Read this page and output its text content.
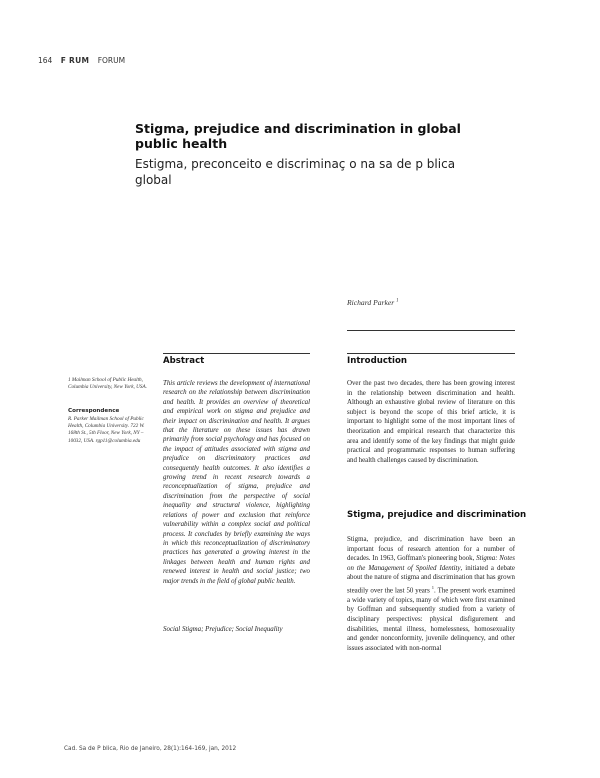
164 F RUM FORUM
Stigma, prejudice and discrimination in global public health
Estigma, preconceito e discriminaç o na sa de p blica global
Richard Parker $^1$
1 Mailman School of Public Health, Columbia University, New York, USA.
Correspondence
R. Parker Mailman School of Public Health, Columbia University. 722 W. 168th St., 5th Floor, New York, NY – 10032, USA. rgp11@columbia.edu
Abstract
This article reviews the development of international research on the relationship between discrimination and health. It provides an overview of theoretical and empirical work on stigma and prejudice and their impact on discrimination and health. It argues that the literature on these issues has drawn primarily from social psychology and has focused on the impact of attitudes associated with stigma and prejudice on discriminatory practices and consequently health outcomes. It also identifies a growing trend in recent research towards a reconceptualization of stigma, prejudice and discrimination from the perspective of social inequality and structural violence, highlighting relations of power and exclusion that reinforce vulnerability within a complex social and political process. It concludes by briefly examining the ways in which this reconceptualization of discriminatory practices has generated a growing interest in the linkages between health and human rights and renewed interest in health and social justice; two major trends in the field of global public health.
Social Stigma; Prejudice; Social Inequality
Introduction
Over the past two decades, there has been growing interest in the relationship between discrimination and health. Although an exhaustive global review of literature on this subject is beyond the scope of this brief article, it is important to highlight some of the most important lines of theorization and empirical research that characterize this area and identify some of the key findings that might guide practical and programmatic responses to human suffering and health challenges caused by discrimination.
Stigma, prejudice and discrimination
Stigma, prejudice, and discrimination have been an important focus of research attention for a number of decades. In 1963, Goffman's pioneering book, Stigma: Notes on the Management of Spoiled Identity, initiated a debate about the nature of stigma and discrimination that has grown steadily over the last 50 years $^1$. The present work examined a wide variety of topics, many of which were first examined by Goffman and subsequently studied from a variety of disciplinary perspectives: physical disfigurement and disabilities, mental illness, homelessness, homosexuality and gender nonconformity, juvenile delinquency, and other issues associated with non-normal
Cad. Sa de P blica, Rio de Janeiro, 28(1):164-169, jan, 2012
